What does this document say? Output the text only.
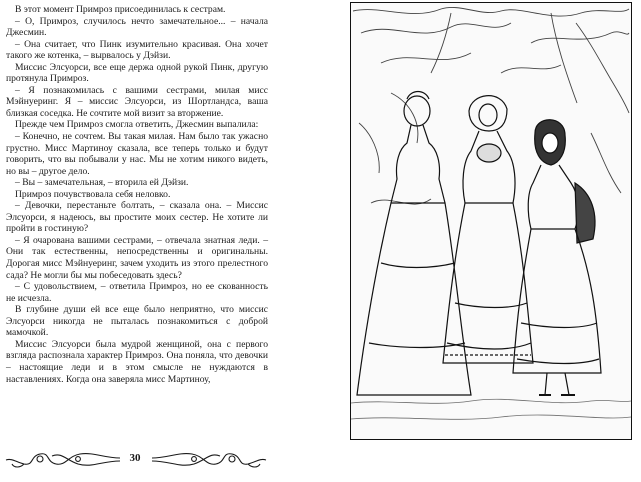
В этот момент Примроз присоединилась к сестрам.

– О, Примроз, случилось нечто замечательное... – начала Джесмин.

– Она считает, что Пинк изумительно красивая. Она хочет такого же котенка, – вырвалось у Дэйзи.

Миссис Элсуорси, все еще держа одной рукой Пинк, другую протянула Примроз.

– Я познакомилась с вашими сестрами, милая мисс Мэйнуеринг. Я – миссис Элсуорси, из Шортландса, ваша близкая соседка. Не сочтите мой визит за вторжение.

Прежде чем Примроз смогла ответить, Джесмин выпалила:

– Конечно, не сочтем. Вы такая милая. Нам было так ужасно грустно. Мисс Мартиноу сказала, все теперь только и будут говорить, что вы побывали у нас. Мы не хотим никого видеть, но вы – другое дело.

– Вы – замечательная, – вторила ей Дэйзи.

Примроз почувствовала себя неловко.

– Девочки, перестаньте болтать, – сказала она. – Миссис Элсуорси, я надеюсь, вы простите моих сестер. Не хотите ли пройти в гостиную?

– Я очарована вашими сестрами, – отвечала знатная леди. – Они так естественны, непосредственны и оригинальны. Дорогая мисс Мэйнуеринг, зачем уходить из этого прелестного сада? Не могли бы мы побеседовать здесь?

– С удовольствием, – ответила Примроз, но ее скованность не исчезла.

В глубине души ей все еще было неприятно, что миссис Элсуорси никогда не пыталась познакомиться с доброй мамочкой.

Миссис Элсуорси была мудрой женщиной, она с первого взгляда распознала характер Примроз. Она поняла, что девочки – настоящие леди и в этом смысле не нуждаются в наставлениях. Когда она заверяла мисс Мартиноу,

30
